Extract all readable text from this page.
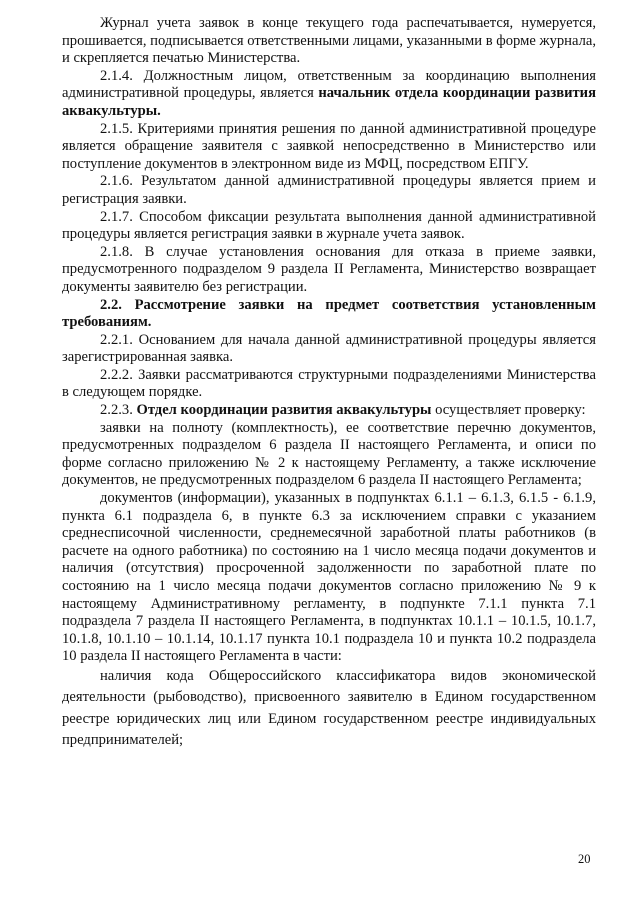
Журнал учета заявок в конце текущего года распечатывается, нумеруется, прошивается, подписывается ответственными лицами, указанными в форме журнала, и скрепляется печатью Министерства.

2.1.4. Должностным лицом, ответственным за координацию выполнения административной процедуры, является начальник отдела координации развития аквакультуры.

2.1.5. Критериями принятия решения по данной административной процедуре является обращение заявителя с заявкой непосредственно в Министерство или поступление документов в электронном виде из МФЦ, посредством ЕПГУ.

2.1.6. Результатом данной административной процедуры является прием и регистрация заявки.

2.1.7. Способом фиксации результата выполнения данной административной процедуры является регистрация заявки в журнале учета заявок.

2.1.8. В случае установления основания для отказа в приеме заявки, предусмотренного подразделом 9 раздела II Регламента, Министерство возвращает документы заявителю без регистрации.

2.2. Рассмотрение заявки на предмет соответствия установленным требованиям.

2.2.1. Основанием для начала данной административной процедуры является зарегистрированная заявка.

2.2.2. Заявки рассматриваются структурными подразделениями Министерства в следующем порядке.

2.2.3. Отдел координации развития аквакультуры осуществляет проверку:

заявки на полноту (комплектность), ее соответствие перечню документов, предусмотренных подразделом 6 раздела II настоящего Регламента, и описи по форме согласно приложению № 2 к настоящему Регламенту, а также исключение документов, не предусмотренных подразделом 6 раздела II настоящего Регламента;

документов (информации), указанных в подпунктах 6.1.1 – 6.1.3, 6.1.5 - 6.1.9, пункта 6.1 подраздела 6, в пункте 6.3 за исключением справки с указанием среднесписочной численности, среднемесячной заработной платы работников (в расчете на одного работника) по состоянию на 1 число месяца подачи документов и наличия (отсутствия) просроченной задолженности по заработной плате по состоянию на 1 число месяца подачи документов согласно приложению № 9 к настоящему Административному регламенту, в подпункте 7.1.1 пункта 7.1 подраздела 7 раздела II настоящего Регламента, в подпунктах 10.1.1 – 10.1.5, 10.1.7, 10.1.8, 10.1.10 – 10.1.14, 10.1.17 пункта 10.1 подраздела 10 и пункта 10.2 подраздела 10 раздела II настоящего Регламента в части:

наличия кода Общероссийского классификатора видов экономической деятельности (рыбоводство), присвоенного заявителю в Едином государственном реестре юридических лиц или Едином государственном реестре индивидуальных предпринимателей;

20
